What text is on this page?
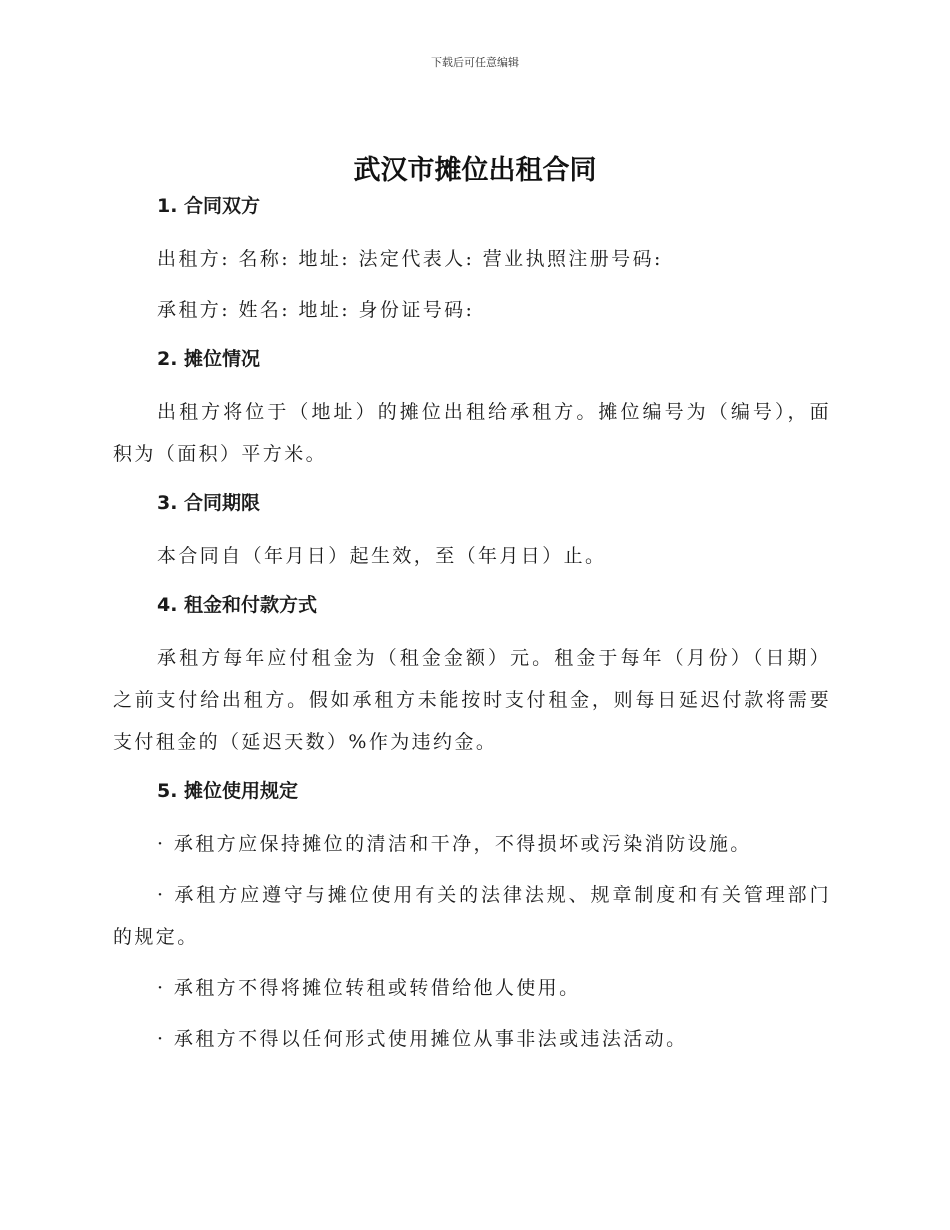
下载后可任意编辑
武汉市摊位出租合同

1. 合同双方

出租方: 名称: 地址: 法定代表人: 营业执照注册号码:

承租方: 姓名: 地址: 身份证号码:

2. 摊位情况

出租方将位于（地址）的摊位出租给承租方。摊位编号为（编号），面积为（面积）平方米。

3. 合同期限

本合同自（年月日）起生效，至（年月日）止。

4. 租金和付款方式

承租方每年应付租金为（租金金额）元。租金于每年（月份）（日期）之前支付给出租方。假如承租方未能按时支付租金，则每日延迟付款将需要支付租金的（延迟天数）%作为违约金。

5. 摊位使用规定

· 承租方应保持摊位的清洁和干净，不得损坏或污染消防设施。

· 承租方应遵守与摊位使用有关的法律法规、规章制度和有关管理部门的规定。

· 承租方不得将摊位转租或转借给他人使用。

· 承租方不得以任何形式使用摊位从事非法或违法活动。
